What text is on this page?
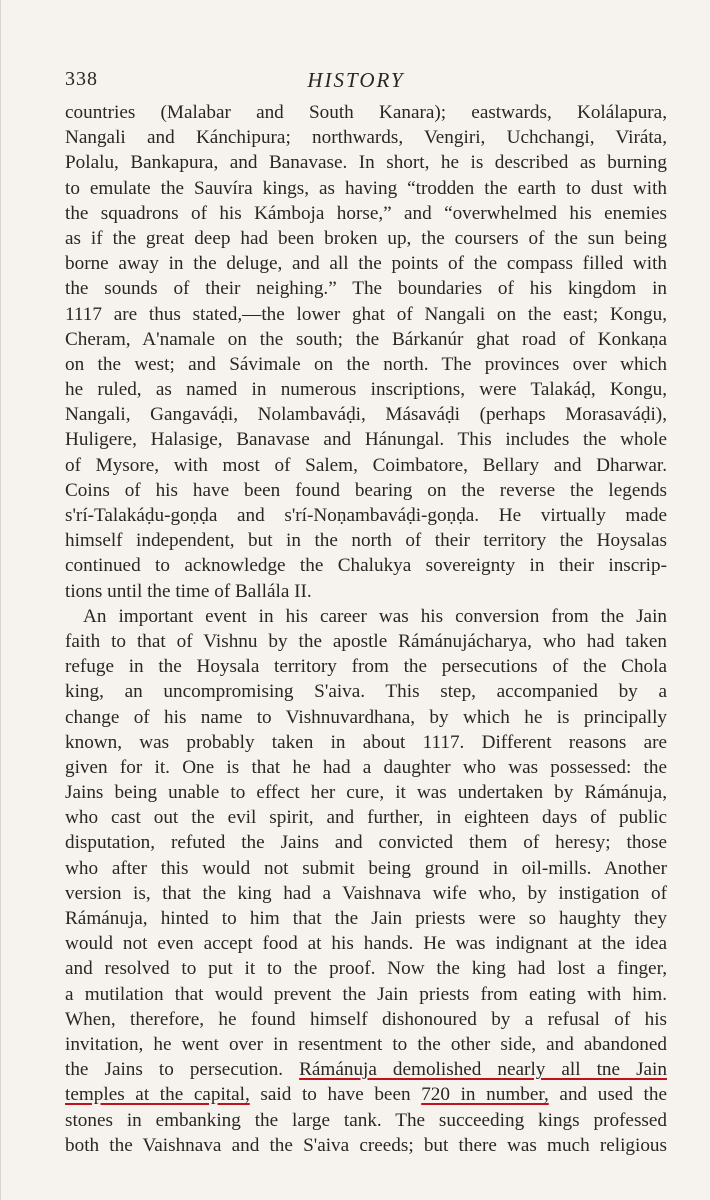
338	HISTORY
countries (Malabar and South Kanara); eastwards, Kolálapura,
Nangali and Kánchipura; northwards, Vengiri, Uchchangi, Viráta,
Polalu, Bankapura, and Banavase. In short, he is described as burning
to emulate the Sauvíra kings, as having “trodden the earth to dust with
the squadrons of his Kámboja horse,” and “overwhelmed his enemies
as if the great deep had been broken up, the coursers of the sun being
borne away in the deluge, and all the points of the compass filled with
the sounds of their neighing.” The boundaries of his kingdom in
1117 are thus stated,—the lower ghat of Nangali on the east; Kongu,
Cheram, A'namale on the south; the Bárkanúr ghat road of Konkaṇa
on the west; and Sávimale on the north. The provinces over which
he ruled, as named in numerous inscriptions, were Talakáḍ, Kongu,
Nangali, Gangaváḍi, Nolambaváḍi, Másaváḍi (perhaps Morasaváḍi),
Huligere, Halasige, Banavase and Hánungal. This includes the whole
of Mysore, with most of Salem, Coimbatore, Bellary and Dharwar.
Coins of his have been found bearing on the reverse the legends
s'rí-Talakáḍu-goṇḍa and s'rí-Noṇambaváḍi-goṇḍa. He virtually made
himself independent, but in the north of their territory the Hoysalas
continued to acknowledge the Chalukya sovereignty in their inscrip-
tions until the time of Ballála II.
An important event in his career was his conversion from the Jain
faith to that of Vishnu by the apostle Rámánujácharya, who had taken
refuge in the Hoysala territory from the persecutions of the Chola
king, an uncompromising S'aiva. This step, accompanied by a
change of his name to Vishnuvardhana, by which he is principally
known, was probably taken in about 1117. Different reasons are
given for it. One is that he had a daughter who was possessed: the
Jains being unable to effect her cure, it was undertaken by Rámánuja,
who cast out the evil spirit, and further, in eighteen days of public
disputation, refuted the Jains and convicted them of heresy; those
who after this would not submit being ground in oil-mills. Another
version is, that the king had a Vaishnava wife who, by instigation of
Rámánuja, hinted to him that the Jain priests were so haughty they
would not even accept food at his hands. He was indignant at the idea
and resolved to put it to the proof. Now the king had lost a finger,
a mutilation that would prevent the Jain priests from eating with him.
When, therefore, he found himself dishonoured by a refusal of his
invitation, he went over in resentment to the other side, and abandoned
the Jains to persecution. Rámánuja demolished nearly all tne Jain
temples at the capital, said to have been 720 in number, and used the
stones in embanking the large tank. The succeeding kings professed
both the Vaishnava and the S'aiva creeds; but there was much religious
